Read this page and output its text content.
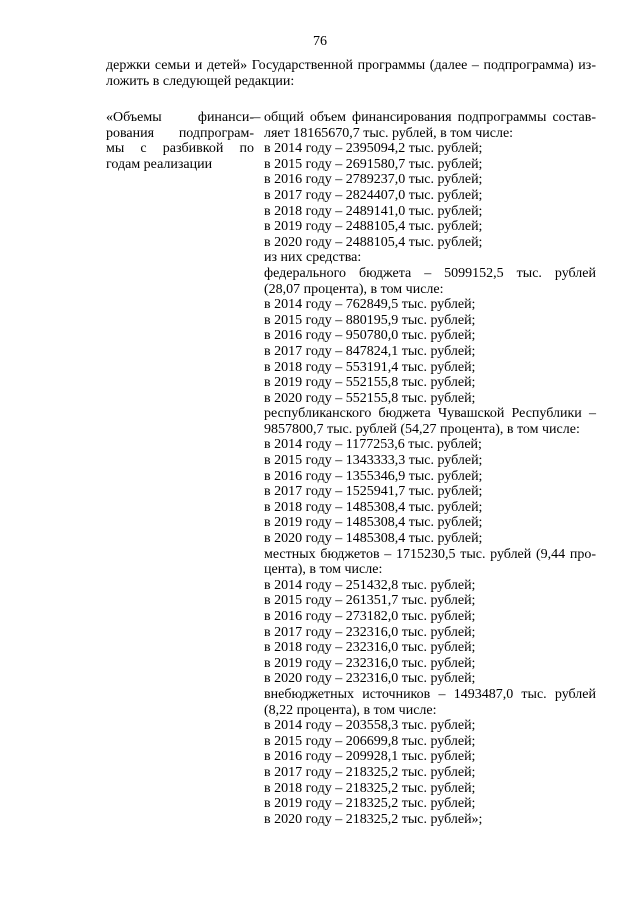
76
держки семьи и детей» Государственной программы (далее – подпрограмма) из-
ложить в следующей редакции:
«Объемы финанси-
рования подпрограм-
мы с разбивкой по
годам реализации
– общий объем финансирования подпрограммы состав-
ляет 18165670,7 тыс. рублей, в том числе:
в 2014 году – 2395094,2 тыс. рублей;
в 2015 году – 2691580,7 тыс. рублей;
в 2016 году – 2789237,0 тыс. рублей;
в 2017 году – 2824407,0 тыс. рублей;
в 2018 году – 2489141,0 тыс. рублей;
в 2019 году – 2488105,4 тыс. рублей;
в 2020 году – 2488105,4 тыс. рублей;
из них средства:
федерального бюджета – 5099152,5 тыс. рублей
(28,07 процента), в том числе:
в 2014 году – 762849,5 тыс. рублей;
в 2015 году – 880195,9 тыс. рублей;
в 2016 году – 950780,0 тыс. рублей;
в 2017 году – 847824,1 тыс. рублей;
в 2018 году – 553191,4 тыс. рублей;
в 2019 году – 552155,8 тыс. рублей;
в 2020 году – 552155,8 тыс. рублей;
республиканского бюджета Чувашской Республики –
9857800,7 тыс. рублей (54,27 процента), в том числе:
в 2014 году – 1177253,6 тыс. рублей;
в 2015 году – 1343333,3 тыс. рублей;
в 2016 году – 1355346,9 тыс. рублей;
в 2017 году – 1525941,7 тыс. рублей;
в 2018 году – 1485308,4 тыс. рублей;
в 2019 году – 1485308,4 тыс. рублей;
в 2020 году – 1485308,4 тыс. рублей;
местных бюджетов – 1715230,5 тыс. рублей (9,44 про-
цента), в том числе:
в 2014 году – 251432,8 тыс. рублей;
в 2015 году – 261351,7 тыс. рублей;
в 2016 году – 273182,0 тыс. рублей;
в 2017 году – 232316,0 тыс. рублей;
в 2018 году – 232316,0 тыс. рублей;
в 2019 году – 232316,0 тыс. рублей;
в 2020 году – 232316,0 тыс. рублей;
внебюджетных источников – 1493487,0 тыс. рублей
(8,22 процента), в том числе:
в 2014 году – 203558,3 тыс. рублей;
в 2015 году – 206699,8 тыс. рублей;
в 2016 году – 209928,1 тыс. рублей;
в 2017 году – 218325,2 тыс. рублей;
в 2018 году – 218325,2 тыс. рублей;
в 2019 году – 218325,2 тыс. рублей;
в 2020 году – 218325,2 тыс. рублей»;
